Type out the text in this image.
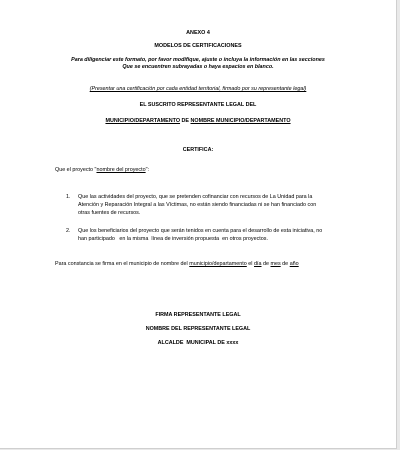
ANEXO 4
MODELOS DE CERTIFICACIONES
Para diligenciar este formato, por favor modifique, ajuste o incluya la información en las secciones
Que se encuentren subrayadas o haya espacios en blanco.
(Presentar una certificación por cada entidad territorial, firmado por su representante legal)
EL SUSCRITO REPRESENTANTE LEGAL DEL
MUNICIPIO/DEPARTAMENTO DE NOMBRE MUNICIPIO/DEPARTAMENTO
CERTIFICA:
Que el proyecto "nombre del proyecto":
1. Que las actividades del proyecto, que se pretenden cofinanciar con recursos de La Unidad para la
Atención y Reparación Integral a las Víctimas, no están siendo financiadas ni se han financiado con
otras fuentes de recursos.
2. Que los beneficiarios del proyecto que serán tenidos en cuenta para el desarrollo de esta iniciativa, no
han participado   en la misma  línea de inversión propuesta  en otros proyectos.
Para constancia se firma en el municipio de nombre del municipio/departamento el día de mes de año
FIRMA REPRESENTANTE LEGAL
NOMBRE DEL REPRESENTANTE LEGAL
ALCALDE  MUNICIPAL DE xxxx
